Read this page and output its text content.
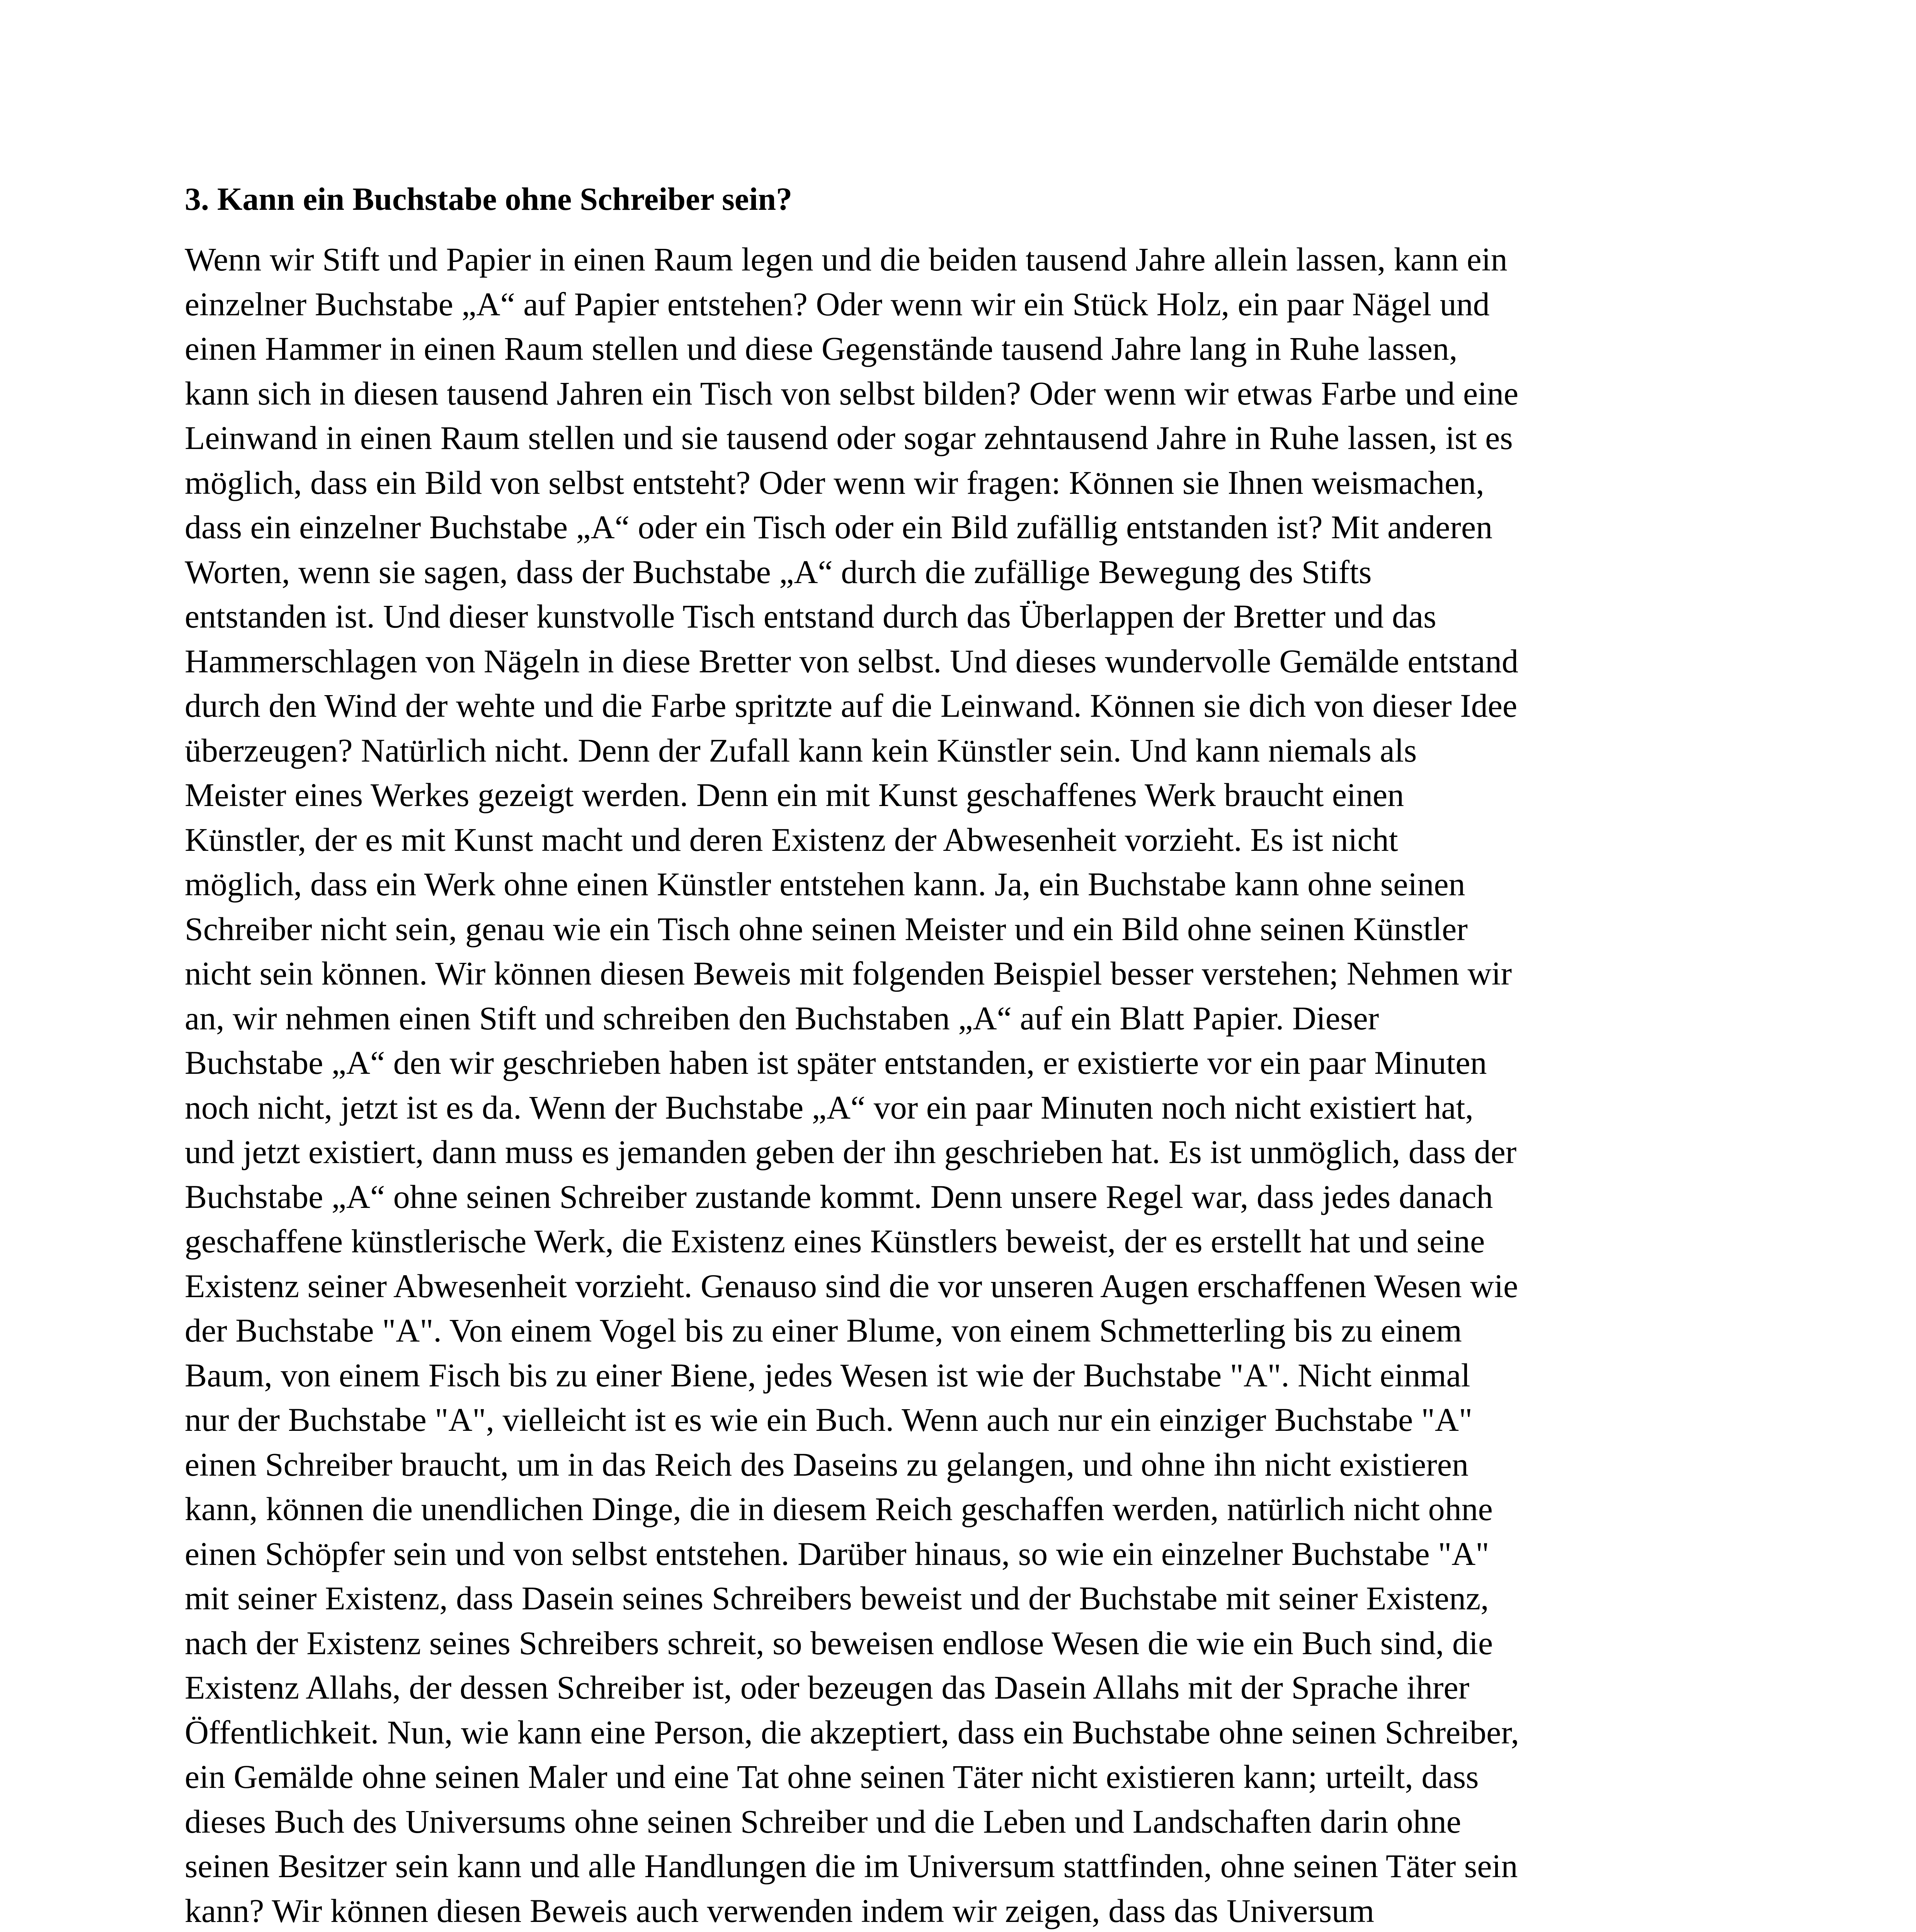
3. Kann ein Buchstabe ohne Schreiber sein?

Wenn wir Stift und Papier in einen Raum legen und die beiden tausend Jahre allein lassen, kann ein
einzelner Buchstabe „A“ auf Papier entstehen? Oder wenn wir ein Stück Holz, ein paar Nägel und
einen Hammer in einen Raum stellen und diese Gegenstände tausend Jahre lang in Ruhe lassen,
kann sich in diesen tausend Jahren ein Tisch von selbst bilden? Oder wenn wir etwas Farbe und eine
Leinwand in einen Raum stellen und sie tausend oder sogar zehntausend Jahre in Ruhe lassen, ist es
möglich, dass ein Bild von selbst entsteht? Oder wenn wir fragen: Können sie Ihnen weismachen,
dass ein einzelner Buchstabe „A“ oder ein Tisch oder ein Bild zufällig entstanden ist? Mit anderen
Worten, wenn sie sagen, dass der Buchstabe „A“ durch die zufällige Bewegung des Stifts
entstanden ist. Und dieser kunstvolle Tisch entstand durch das Überlappen der Bretter und das
Hammerschlagen von Nägeln in diese Bretter von selbst. Und dieses wundervolle Gemälde entstand
durch den Wind der wehte und die Farbe spritzte auf die Leinwand. Können sie dich von dieser Idee
überzeugen? Natürlich nicht. Denn der Zufall kann kein Künstler sein. Und kann niemals als
Meister eines Werkes gezeigt werden. Denn ein mit Kunst geschaffenes Werk braucht einen
Künstler, der es mit Kunst macht und deren Existenz der Abwesenheit vorzieht. Es ist nicht
möglich, dass ein Werk ohne einen Künstler entstehen kann. Ja, ein Buchstabe kann ohne seinen
Schreiber nicht sein, genau wie ein Tisch ohne seinen Meister und ein Bild ohne seinen Künstler
nicht sein können. Wir können diesen Beweis mit folgenden Beispiel besser verstehen; Nehmen wir
an, wir nehmen einen Stift und schreiben den Buchstaben „A“ auf ein Blatt Papier. Dieser
Buchstabe „A“ den wir geschrieben haben ist später entstanden, er existierte vor ein paar Minuten
noch nicht, jetzt ist es da. Wenn der Buchstabe „A“ vor ein paar Minuten noch nicht existiert hat,
und jetzt existiert, dann muss es jemanden geben der ihn geschrieben hat. Es ist unmöglich, dass der
Buchstabe „A“ ohne seinen Schreiber zustande kommt. Denn unsere Regel war, dass jedes danach
geschaffene künstlerische Werk, die Existenz eines Künstlers beweist, der es erstellt hat und seine
Existenz seiner Abwesenheit vorzieht. Genauso sind die vor unseren Augen erschaffenen Wesen wie
der Buchstabe "A". Von einem Vogel bis zu einer Blume, von einem Schmetterling bis zu einem
Baum, von einem Fisch bis zu einer Biene, jedes Wesen ist wie der Buchstabe "A". Nicht einmal
nur der Buchstabe "A", vielleicht ist es wie ein Buch. Wenn auch nur ein einziger Buchstabe "A"
einen Schreiber braucht, um in das Reich des Daseins zu gelangen, und ohne ihn nicht existieren
kann, können die unendlichen Dinge, die in diesem Reich geschaffen werden, natürlich nicht ohne
einen Schöpfer sein und von selbst entstehen. Darüber hinaus, so wie ein einzelner Buchstabe "A"
mit seiner Existenz, dass Dasein seines Schreibers beweist und der Buchstabe mit seiner Existenz,
nach der Existenz seines Schreibers schreit, so beweisen endlose Wesen die wie ein Buch sind, die
Existenz Allahs, der dessen Schreiber ist, oder bezeugen das Dasein Allahs mit der Sprache ihrer
Öffentlichkeit. Nun, wie kann eine Person, die akzeptiert, dass ein Buchstabe ohne seinen Schreiber,
ein Gemälde ohne seinen Maler und eine Tat ohne seinen Täter nicht existieren kann; urteilt, dass
dieses Buch des Universums ohne seinen Schreiber und die Leben und Landschaften darin ohne
seinen Besitzer sein kann und alle Handlungen die im Universum stattfinden, ohne seinen Täter sein
kann? Wir können diesen Beweis auch verwenden indem wir zeigen, dass das Universum
